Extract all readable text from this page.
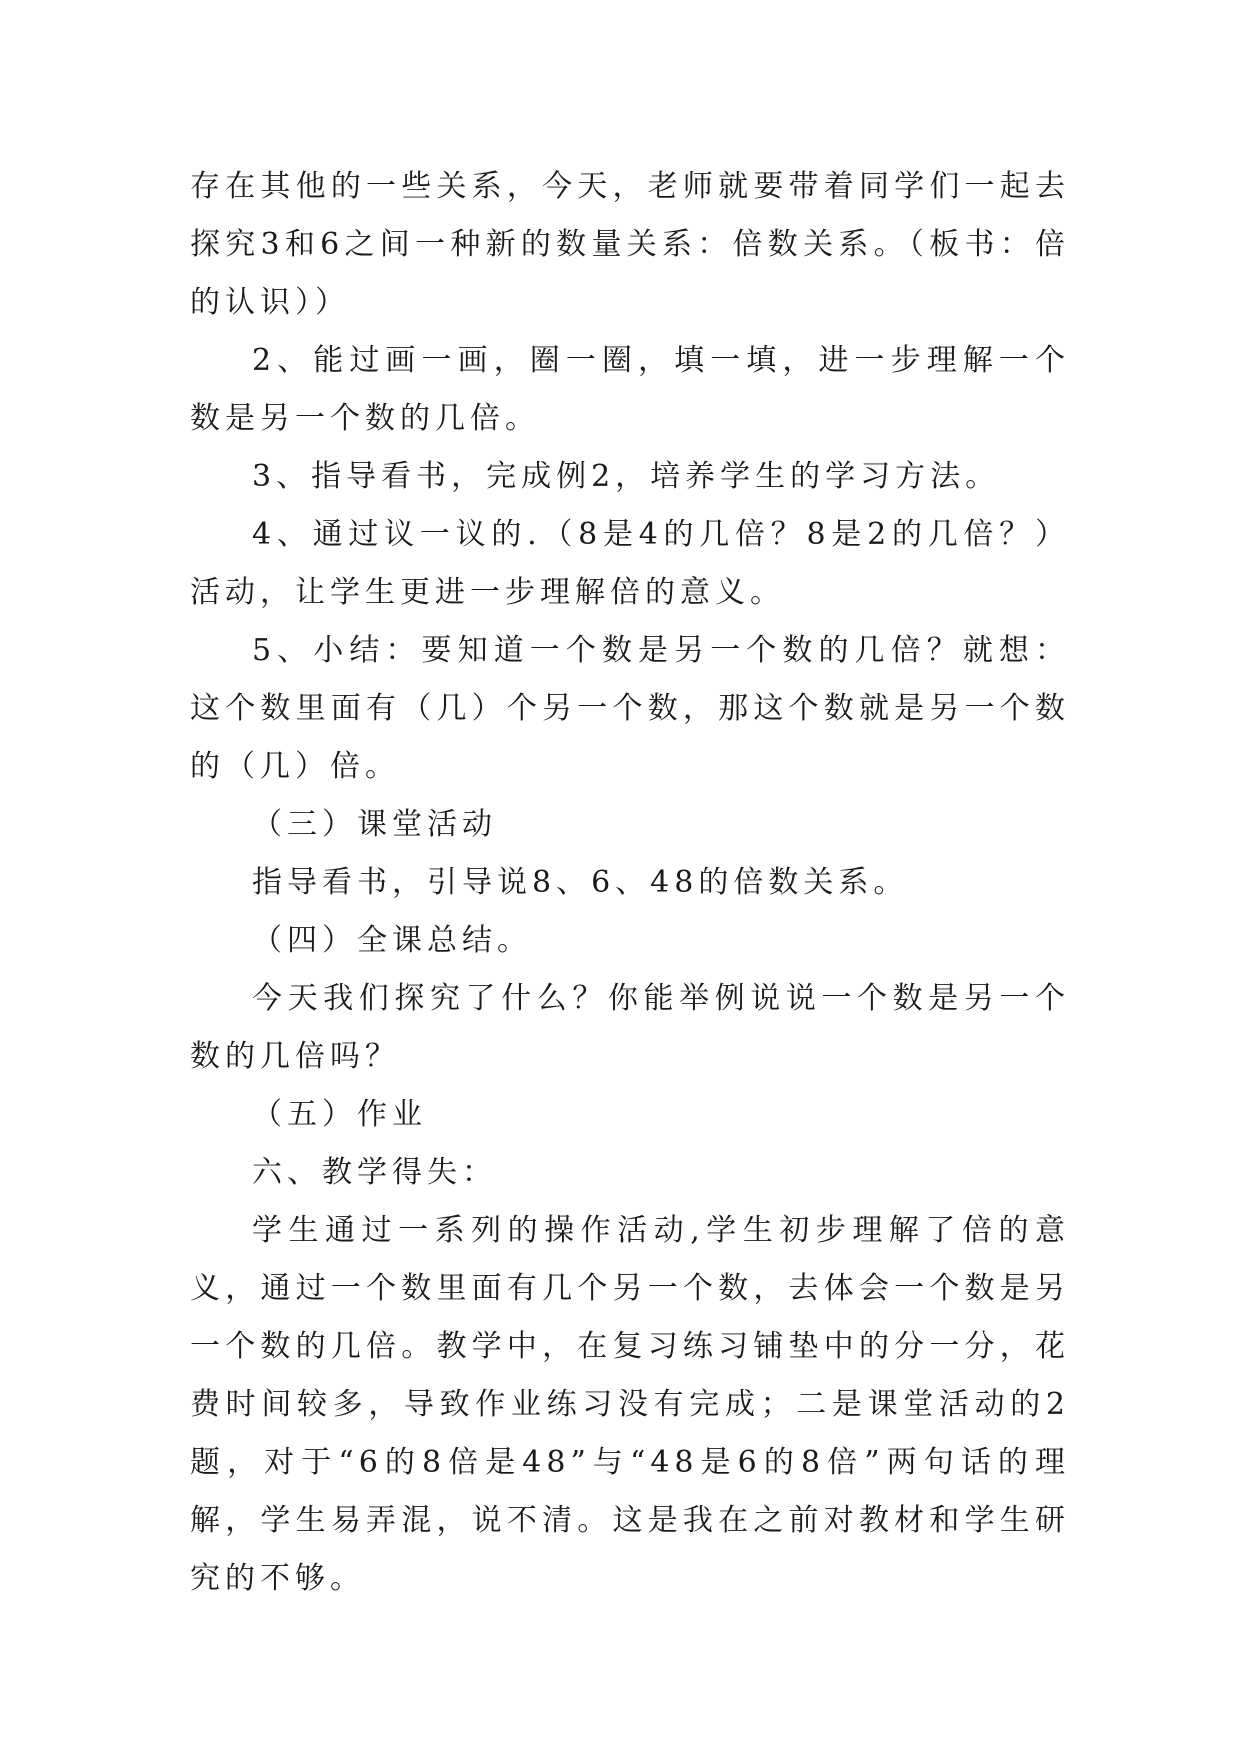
存在其他的一些关系，今天，老师就要带着同学们一起去探究3和6之间一种新的数量关系：倍数关系。（板书：倍的认识））

2、能过画一画，圈一圈，填一填，进一步理解一个数是另一个数的几倍。

3、指导看书，完成例2，培养学生的学习方法。

4、通过议一议的.（8是4的几倍？8是2的几倍？）活动，让学生更进一步理解倍的意义。

5、小结：要知道一个数是另一个数的几倍？就想：这个数里面有（几）个另一个数，那这个数就是另一个数的（几）倍。

（三）课堂活动

指导看书，引导说8、6、48的倍数关系。

（四）全课总结。

今天我们探究了什么？你能举例说说一个数是另一个数的几倍吗？

（五）作业

六、教学得失：

学生通过一系列的操作活动,学生初步理解了倍的意义，通过一个数里面有几个另一个数，去体会一个数是另一个数的几倍。教学中，在复习练习铺垫中的分一分，花费时间较多，导致作业练习没有完成；二是课堂活动的2题，对于“6的8倍是48”与“48是6的8倍”两句话的理解，学生易弄混，说不清。这是我在之前对教材和学生研究的不够。
